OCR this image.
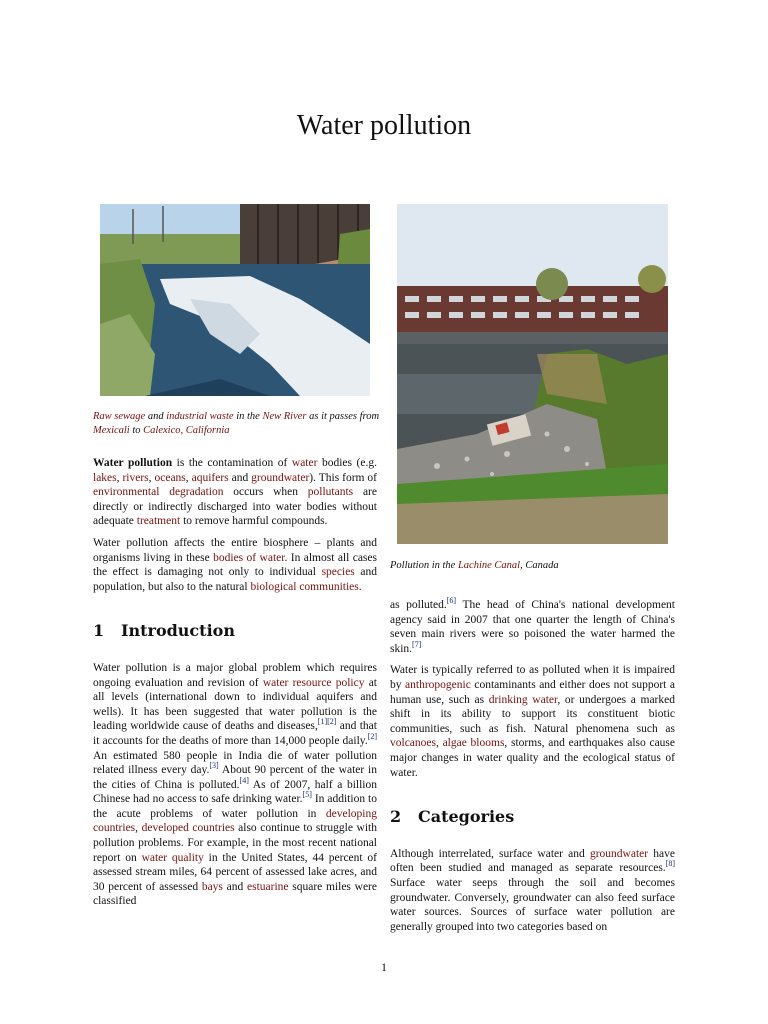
Water pollution
Raw sewage and industrial waste in the New River as it passes from Mexicali to Calexico, California
Pollution in the Lachine Canal, Canada

Water pollution is the contamination of water bodies (e.g. lakes, rivers, oceans, aquifers and groundwater). This form of environmental degradation occurs when pollutants are directly or indirectly discharged into water bodies without adequate treatment to remove harmful compounds.

Water pollution affects the entire biosphere – plants and organisms living in these bodies of water. In almost all cases the effect is damaging not only to individual species and population, but also to the natural biological communities.

1 Introduction

Water pollution is a major global problem which requires ongoing evaluation and revision of water resource policy at all levels (international down to individual aquifers and wells). It has been suggested that water pollution is the leading worldwide cause of deaths and diseases,[1][2] and that it accounts for the deaths of more than 14,000 people daily.[2] An estimated 580 people in India die of water pollution related illness every day.[3] About 90 percent of the water in the cities of China is polluted.[4] As of 2007, half a billion Chinese had no access to safe drinking water.[5] In addition to the acute problems of water pollution in developing countries, developed countries also continue to struggle with pollution problems. For example, in the most recent national report on water quality in the United States, 44 percent of assessed stream miles, 64 percent of assessed lake acres, and 30 percent of assessed bays and estuarine square miles were classified

as polluted.[6] The head of China's national development agency said in 2007 that one quarter the length of China's seven main rivers were so poisoned the water harmed the skin.[7]

Water is typically referred to as polluted when it is impaired by anthropogenic contaminants and either does not support a human use, such as drinking water, or undergoes a marked shift in its ability to support its constituent biotic communities, such as fish. Natural phenomena such as volcanoes, algae blooms, storms, and earthquakes also cause major changes in water quality and the ecological status of water.

2 Categories

Although interrelated, surface water and groundwater have often been studied and managed as separate resources.[8] Surface water seeps through the soil and becomes groundwater. Conversely, groundwater can also feed surface water sources. Sources of surface water pollution are generally grouped into two categories based on

1
